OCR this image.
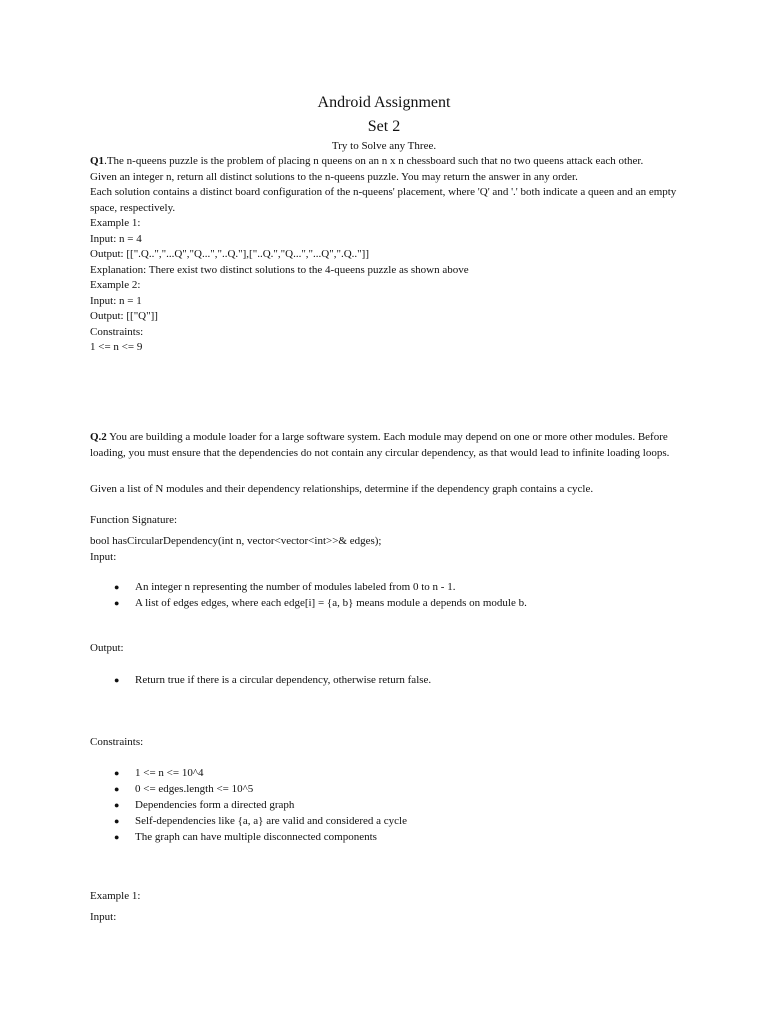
Android Assignment
Set 2
Try to Solve any Three.
Q1.The n-queens puzzle is the problem of placing n queens on an n x n chessboard such that no two queens attack each other.
Given an integer n, return all distinct solutions to the n-queens puzzle. You may return the answer in any order.
Each solution contains a distinct board configuration of the n-queens' placement, where 'Q' and '.' both indicate a queen and an empty space, respectively.
Example 1:
Input: n = 4
Output: [[".Q..","...Q","Q...","..Q."],["..Q.","Q...","...Q",".Q.."]]
Explanation: There exist two distinct solutions to the 4-queens puzzle as shown above
Example 2:
Input: n = 1
Output: [["Q"]]
Constraints:
1 <= n <= 9
Q.2 You are building a module loader for a large software system. Each module may depend on one or more other modules. Before loading, you must ensure that the dependencies do not contain any circular dependency, as that would lead to infinite loading loops.
Given a list of N modules and their dependency relationships, determine if the dependency graph contains a cycle.
Function Signature:
bool hasCircularDependency(int n, vector<vector<int>>& edges);
Input:
● An integer n representing the number of modules labeled from 0 to n - 1.
● A list of edges edges, where each edge[i] = {a, b} means module a depends on module b.
Output:
● Return true if there is a circular dependency, otherwise return false.
Constraints:
● 1 <= n <= 10^4
● 0 <= edges.length <= 10^5
● Dependencies form a directed graph
● Self-dependencies like {a, a} are valid and considered a cycle
● The graph can have multiple disconnected components
Example 1:
Input:
